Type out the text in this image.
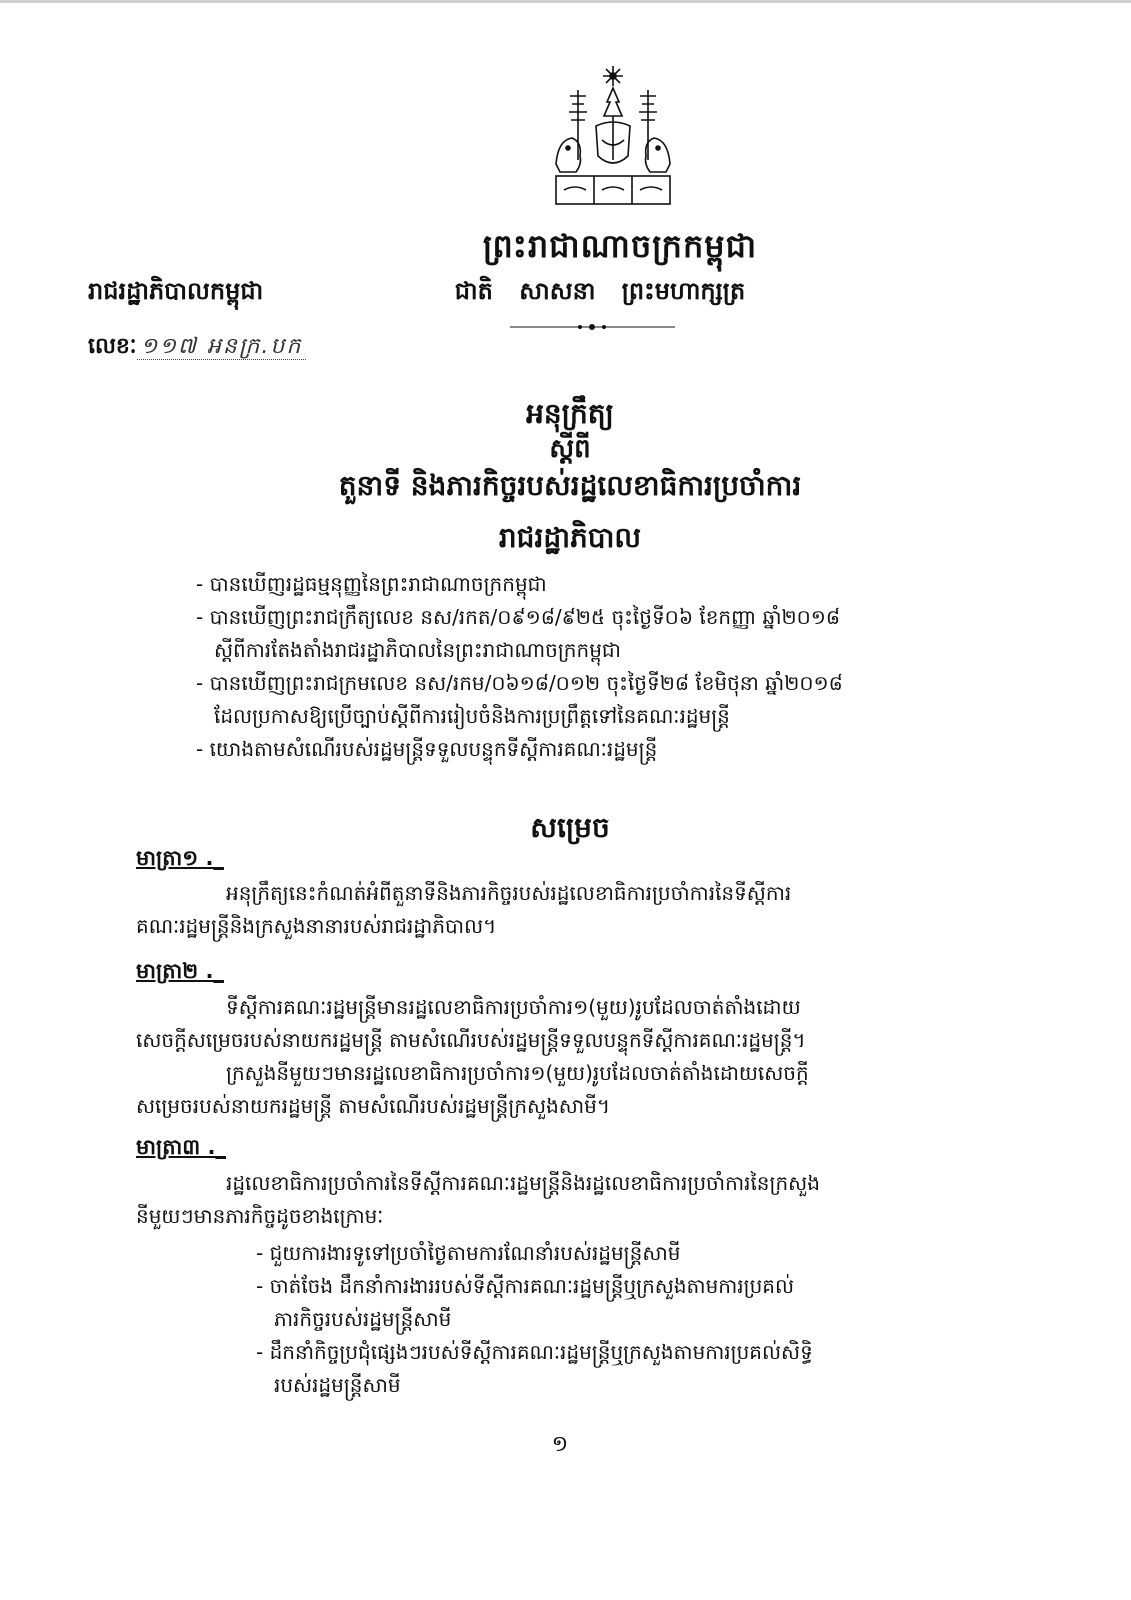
ព្រះរាជាណាចក្រកម្ពុជា
រាជរដ្ឋាភិបាលកម្ពុជា	ជាតិ សាសនា ព្រះមហាក្សត្រ
លេខៈ ១១៧ អនក្រ.បក
អនុក្រឹត្យ
ស្តីពី
តួនាទី និងភារកិច្ចរបស់រដ្ឋលេខាធិការប្រចាំការ
រាជរដ្ឋាភិបាល
- បានឃើញរដ្ឋធម្មនុញ្ញនៃព្រះរាជាណាចក្រកម្ពុជា
- បានឃើញព្រះរាជក្រឹត្យលេខ នស/រកត/០៩១៨/៩២៥ ចុះថ្ងៃទី០៦ ខែកញ្ញា ឆ្នាំ២០១៨
ស្តីពីការតែងតាំងរាជរដ្ឋាភិបាលនៃព្រះរាជាណាចក្រកម្ពុជា
- បានឃើញព្រះរាជក្រមលេខ នស/រកម/០៦១៨/០១២ ចុះថ្ងៃទី២៨ ខែមិថុនា ឆ្នាំ២០១៨
ដែលប្រកាសឱ្យប្រើច្បាប់ស្តីពីការរៀបចំនិងការប្រព្រឹត្តទៅនៃគណៈរដ្ឋមន្ត្រី
- យោងតាមសំណើរបស់រដ្ឋមន្ត្រីទទួលបន្ទុកទីស្តីការគណៈរដ្ឋមន្ត្រី
សម្រេច
មាត្រា១ ._
អនុក្រឹត្យនេះកំណត់អំពីតួនាទីនិងភារកិច្ចរបស់រដ្ឋលេខាធិការប្រចាំការនៃទីស្តីការ
គណៈរដ្ឋមន្ត្រីនិងក្រសួងនានារបស់រាជរដ្ឋាភិបាល។
មាត្រា២ ._
ទីស្តីការគណៈរដ្ឋមន្ត្រីមានរដ្ឋលេខាធិការប្រចាំការ១(មួយ)រូបដែលចាត់តាំងដោយ
សេចក្តីសម្រេចរបស់នាយករដ្ឋមន្ត្រី តាមសំណើរបស់រដ្ឋមន្ត្រីទទួលបន្ទុកទីស្តីការគណៈរដ្ឋមន្ត្រី។
ក្រសួងនីមួយៗមានរដ្ឋលេខាធិការប្រចាំការ១(មួយ)រូបដែលចាត់តាំងដោយសេចក្តី
សម្រេចរបស់នាយករដ្ឋមន្ត្រី តាមសំណើរបស់រដ្ឋមន្ត្រីក្រសួងសាមី។
មាត្រា៣ ._
រដ្ឋលេខាធិការប្រចាំការនៃទីស្តីការគណៈរដ្ឋមន្ត្រីនិងរដ្ឋលេខាធិការប្រចាំការនៃក្រសួង
នីមួយៗមានភារកិច្ចដូចខាងក្រោមៈ
- ជួយការងារទូទៅប្រចាំថ្ងៃតាមការណែនាំរបស់រដ្ឋមន្ត្រីសាមី
- ចាត់ចែង ដឹកនាំការងាររបស់ទីស្តីការគណៈរដ្ឋមន្ត្រីឬក្រសួងតាមការប្រគល់
ភារកិច្ចរបស់រដ្ឋមន្ត្រីសាមី
- ដឹកនាំកិច្ចប្រជុំផ្សេងៗរបស់ទីស្តីការគណៈរដ្ឋមន្ត្រីឬក្រសួងតាមការប្រគល់សិទ្ធិ
របស់រដ្ឋមន្ត្រីសាមី
១
